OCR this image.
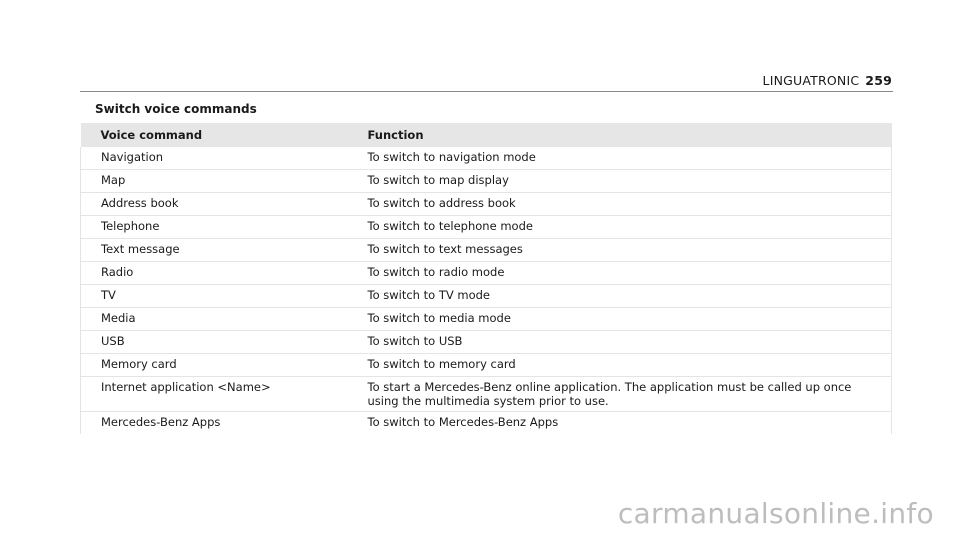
LINGUATRONIC 259
Switch voice commands
Voice command	Function
Navigation	To switch to navigation mode
Map	To switch to map display
Address book	To switch to address book
Telephone	To switch to telephone mode
Text message	To switch to text messages
Radio	To switch to radio mode
TV	To switch to TV mode
Media	To switch to media mode
USB	To switch to USB
Memory card	To switch to memory card
Internet application <Name>	To start a Mercedes-Benz online application. The application must be called up once using the multimedia system prior to use.
Mercedes-Benz Apps	To switch to Mercedes-Benz Apps
carmanualsonline.info
